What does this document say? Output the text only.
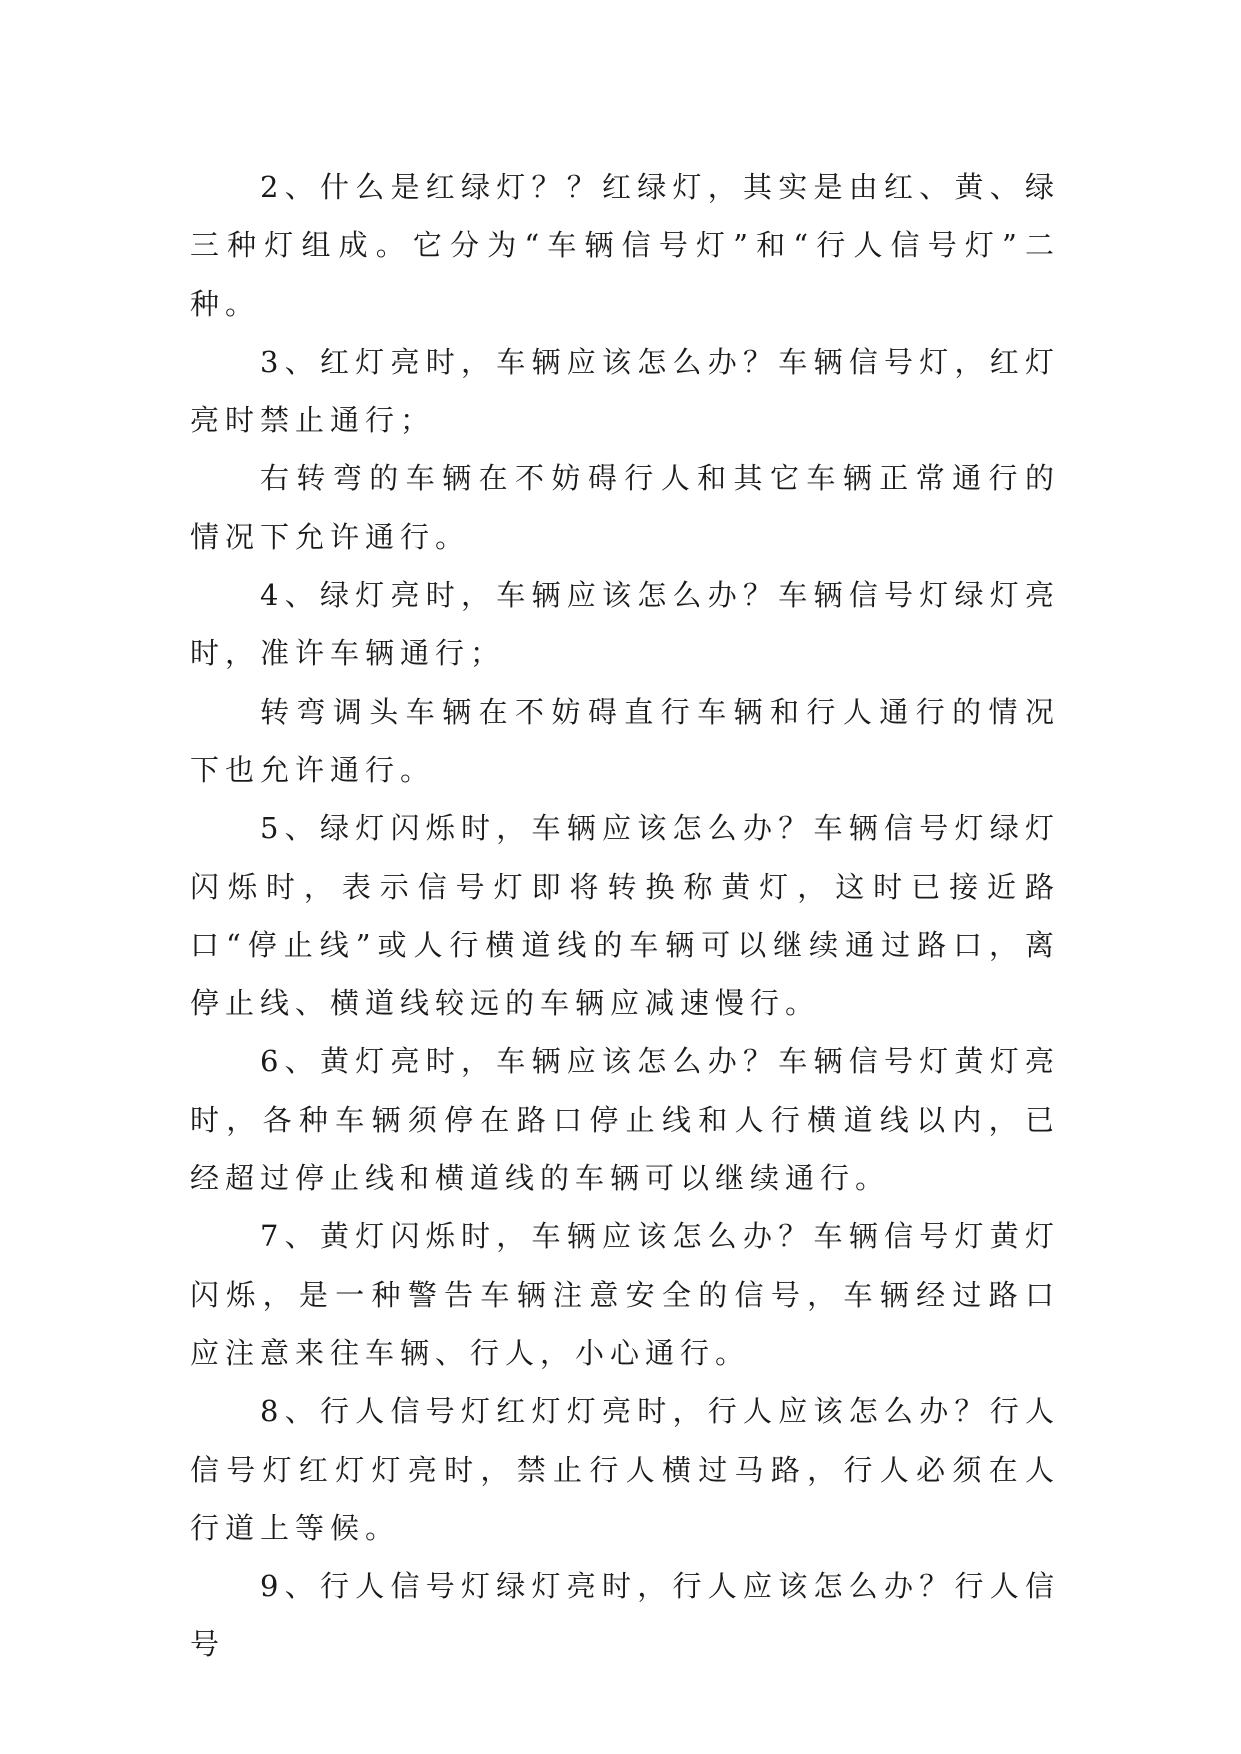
2、什么是红绿灯？？红绿灯，其实是由红、黄、绿三种灯组成。它分为“车辆信号灯”和“行人信号灯”二种。

3、红灯亮时，车辆应该怎么办？车辆信号灯，红灯亮时禁止通行；

右转弯的车辆在不妨碍行人和其它车辆正常通行的情况下允许通行。

4、绿灯亮时，车辆应该怎么办？车辆信号灯绿灯亮时，准许车辆通行；

转弯调头车辆在不妨碍直行车辆和行人通行的情况下也允许通行。

5、绿灯闪烁时，车辆应该怎么办？车辆信号灯绿灯闪烁时，表示信号灯即将转换称黄灯，这时已接近路口“停止线”或人行横道线的车辆可以继续通过路口，离停止线、横道线较远的车辆应减速慢行。

6、黄灯亮时，车辆应该怎么办？车辆信号灯黄灯亮时，各种车辆须停在路口停止线和人行横道线以内，已经超过停止线和横道线的车辆可以继续通行。

7、黄灯闪烁时，车辆应该怎么办？车辆信号灯黄灯闪烁，是一种警告车辆注意安全的信号，车辆经过路口应注意来往车辆、行人，小心通行。

8、行人信号灯红灯灯亮时，行人应该怎么办？行人信号灯红灯灯亮时，禁止行人横过马路，行人必须在人行道上等候。

9、行人信号灯绿灯亮时，行人应该怎么办？行人信号
